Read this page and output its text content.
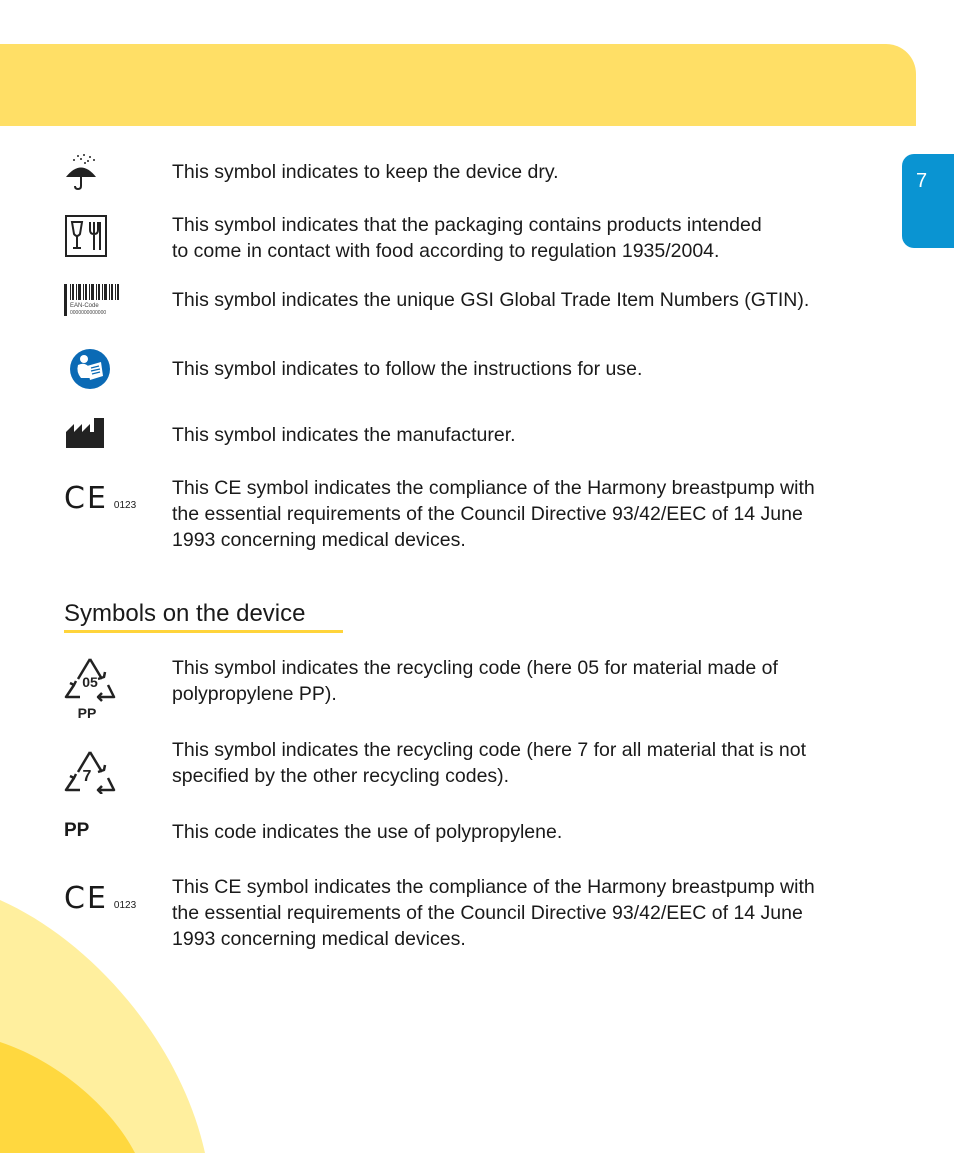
7
This symbol indicates to keep the device dry.
This symbol indicates that the packaging contains products intended
to come in contact with food according to regulation 1935/2004.
EAN-Code
0000000000000
This symbol indicates the unique GSI Global Trade Item Numbers (GTIN).
This symbol indicates to follow the instructions for use.
This symbol indicates the manufacturer.
CE 0123
This CE symbol indicates the compliance of the Harmony breastpump with
the essential requirements of the Council Directive 93/42/EEC of 14 June
1993 concerning medical devices.
Symbols on the device
05
PP
This symbol indicates the recycling code (here 05 for material made of
polypropylene PP).
7
This symbol indicates the recycling code (here 7 for all material that is not
specified by the other recycling codes).
PP	This code indicates the use of polypropylene.
CE 0123
This CE symbol indicates the compliance of the Harmony breastpump with
the essential requirements of the Council Directive 93/42/EEC of 14 June
1993 concerning medical devices.
